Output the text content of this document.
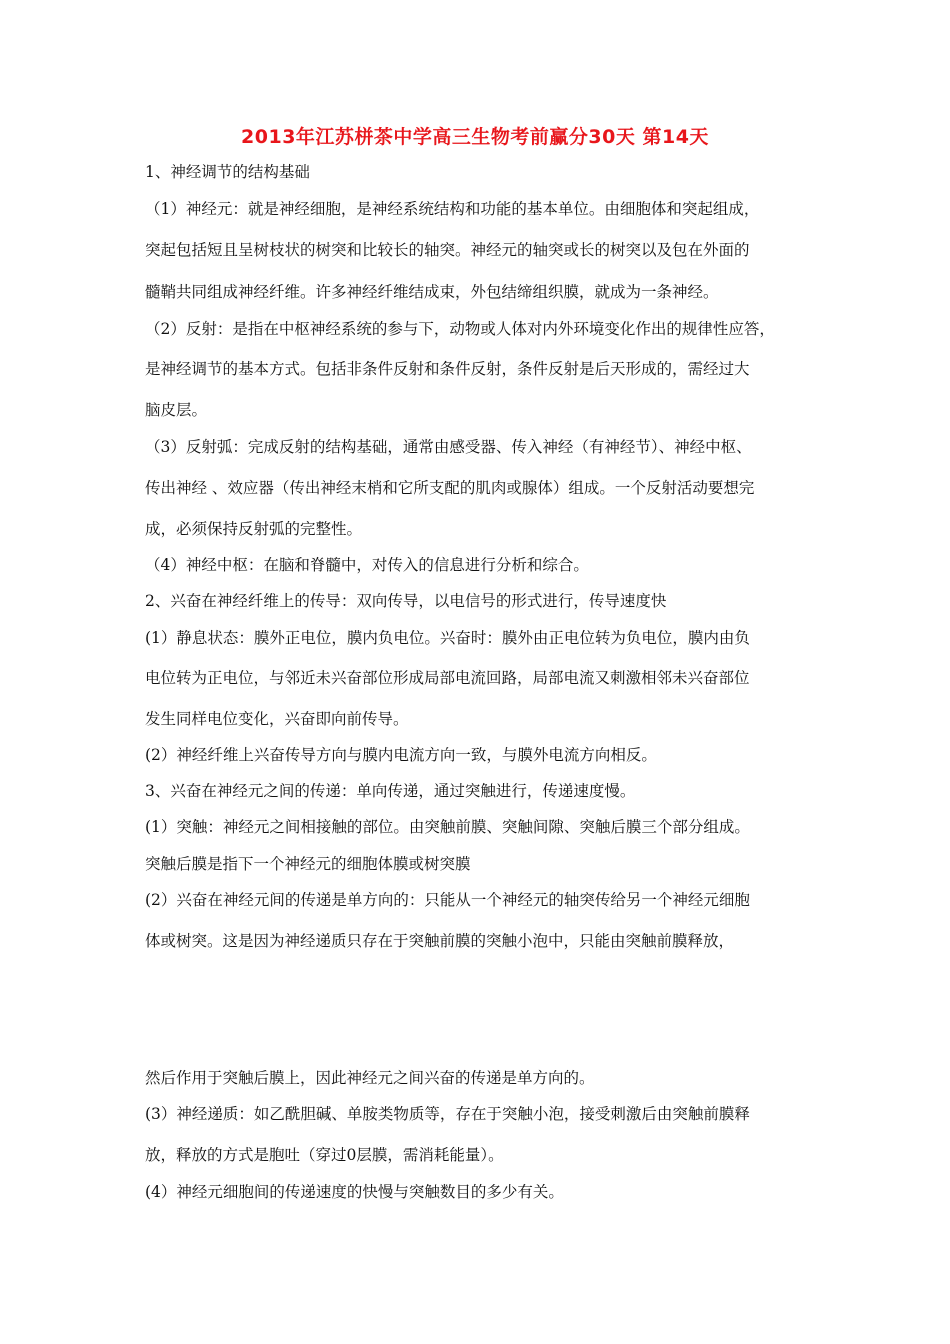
2013年江苏栟茶中学高三生物考前赢分30天 第14天
1、神经调节的结构基础
（1）神经元：就是神经细胞，是神经系统结构和功能的基本单位。由细胞体和突起组成，
突起包括短且呈树枝状的树突和比较长的轴突。神经元的轴突或长的树突以及包在外面的
髓鞘共同组成神经纤维。许多神经纤维结成束，外包结缔组织膜，就成为一条神经。
（2）反射：是指在中枢神经系统的参与下，动物或人体对内外环境变化作出的规律性应答，
是神经调节的基本方式。包括非条件反射和条件反射，条件反射是后天形成的，需经过大
脑皮层。
（3）反射弧：完成反射的结构基础，通常由感受器、传入神经（有神经节）、神经中枢、
传出神经 、效应器（传出神经末梢和它所支配的肌肉或腺体）组成。一个反射活动要想完
成，必须保持反射弧的完整性。
（4）神经中枢：在脑和脊髓中，对传入的信息进行分析和综合。
2、兴奋在神经纤维上的传导：双向传导，以电信号的形式进行，传导速度快
(1）静息状态：膜外正电位，膜内负电位。兴奋时：膜外由正电位转为负电位，膜内由负
电位转为正电位，与邻近未兴奋部位形成局部电流回路，局部电流又刺激相邻未兴奋部位
发生同样电位变化，兴奋即向前传导。
(2）神经纤维上兴奋传导方向与膜内电流方向一致，与膜外电流方向相反。
3、兴奋在神经元之间的传递：单向传递，通过突触进行，传递速度慢。
(1）突触：神经元之间相接触的部位。由突触前膜、突触间隙、突触后膜三个部分组成。
突触后膜是指下一个神经元的细胞体膜或树突膜
(2）兴奋在神经元间的传递是单方向的：只能从一个神经元的轴突传给另一个神经元细胞
体或树突。这是因为神经递质只存在于突触前膜的突触小泡中，只能由突触前膜释放，
然后作用于突触后膜上，因此神经元之间兴奋的传递是单方向的。
(3）神经递质：如乙酰胆碱、单胺类物质等，存在于突触小泡，接受刺激后由突触前膜释
放，释放的方式是胞吐（穿过0层膜，需消耗能量）。
(4）神经元细胞间的传递速度的快慢与突触数目的多少有关。
